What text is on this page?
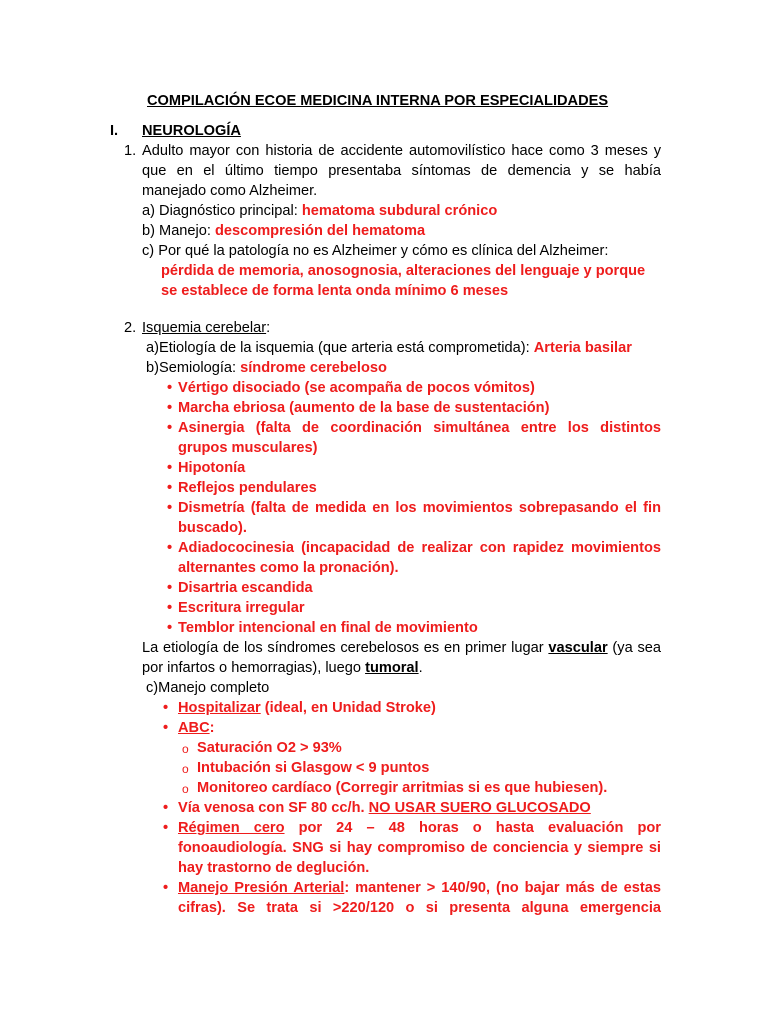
COMPILACIÓN ECOE MEDICINA INTERNA POR ESPECIALIDADES
I. NEUROLOGÍA
1. Adulto mayor con historia de accidente automovilístico hace como 3 meses y
que en el último tiempo presentaba síntomas de demencia y se había
manejado como Alzheimer.
a) Diagnóstico principal: hematoma subdural crónico
b) Manejo: descompresión del hematoma
c) Por qué la patología no es Alzheimer y cómo es clínica del Alzheimer:
pérdida de memoria, anosognosia, alteraciones del lenguaje y porque
se establece de forma lenta onda mínimo 6 meses
2. Isquemia cerebelar:
a)Etiología de la isquemia (que arteria está comprometida): Arteria basilar
b)Semiología: síndrome cerebeloso
• Vértigo disociado (se acompaña de pocos vómitos)
• Marcha ebriosa (aumento de la base de sustentación)
• Asinergia (falta de coordinación simultánea entre los distintos
grupos musculares)
• Hipotonía
• Reflejos pendulares
• Dismetría (falta de medida en los movimientos sobrepasando el fin
buscado).
• Adiadococinesia (incapacidad de realizar con rapidez movimientos
alternantes como la pronación).
• Disartria escandida
• Escritura irregular
• Temblor intencional en final de movimiento
La etiología de los síndromes cerebelosos es en primer lugar vascular (ya sea
por infartos o hemorragias), luego tumoral.
c)Manejo completo
• Hospitalizar (ideal, en Unidad Stroke)
• ABC:
o Saturación O2 > 93%
o Intubación si Glasgow < 9 puntos
o Monitoreo cardíaco (Corregir arritmias si es que hubiesen).
• Vía venosa con SF 80 cc/h. NO USAR SUERO GLUCOSADO
• Régimen cero por 24 – 48 horas o hasta evaluación por
fonoaudiología. SNG si hay compromiso de conciencia y siempre si
hay trastorno de deglución.
• Manejo Presión Arterial: mantener > 140/90, (no bajar más de estas
cifras). Se trata si >220/120 o si presenta alguna emergencia
